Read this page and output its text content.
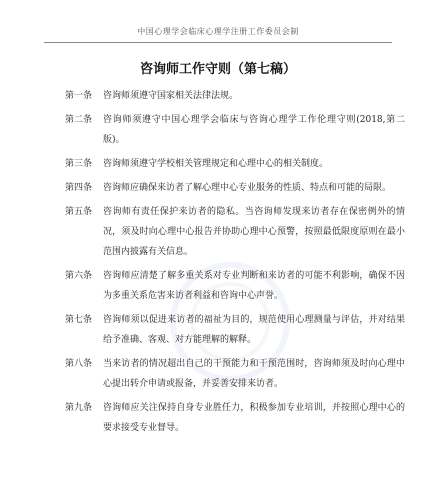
中国心理学会临床心理学注册工作委员会制
咨询师工作守则（第七稿）
第一条	咨询师须遵守国家相关法律法规。
第二条	咨询师须遵守中国心理学会临床与咨询心理学工作伦理守则(2018,第二版)。
第三条	咨询师须遵守学校相关管理规定和心理中心的相关制度。
第四条	咨询师应确保来访者了解心理中心专业服务的性质、特点和可能的局限。
第五条	咨询师有责任保护来访者的隐私。当咨询师发现来访者存在保密例外的情况，须及时向心理中心报告并协助心理中心预警，按照最低限度原则在最小范围内披露有关信息。
第六条	咨询师应清楚了解多重关系对专业判断和来访者的可能不利影响，确保不因为多重关系危害来访者利益和咨询中心声誉。
第七条	咨询师须以促进来访者的福祉为目的，规范使用心理测量与评估，并对结果给予准确、客观、对方能理解的解释。
第八条	当来访者的情况超出自己的干预能力和干预范围时，咨询师须及时向心理中心提出转介申请或报备，并妥善安排来访者。
第九条	咨询师应关注保持自身专业胜任力，积极参加专业培训，并按照心理中心的要求接受专业督导。
